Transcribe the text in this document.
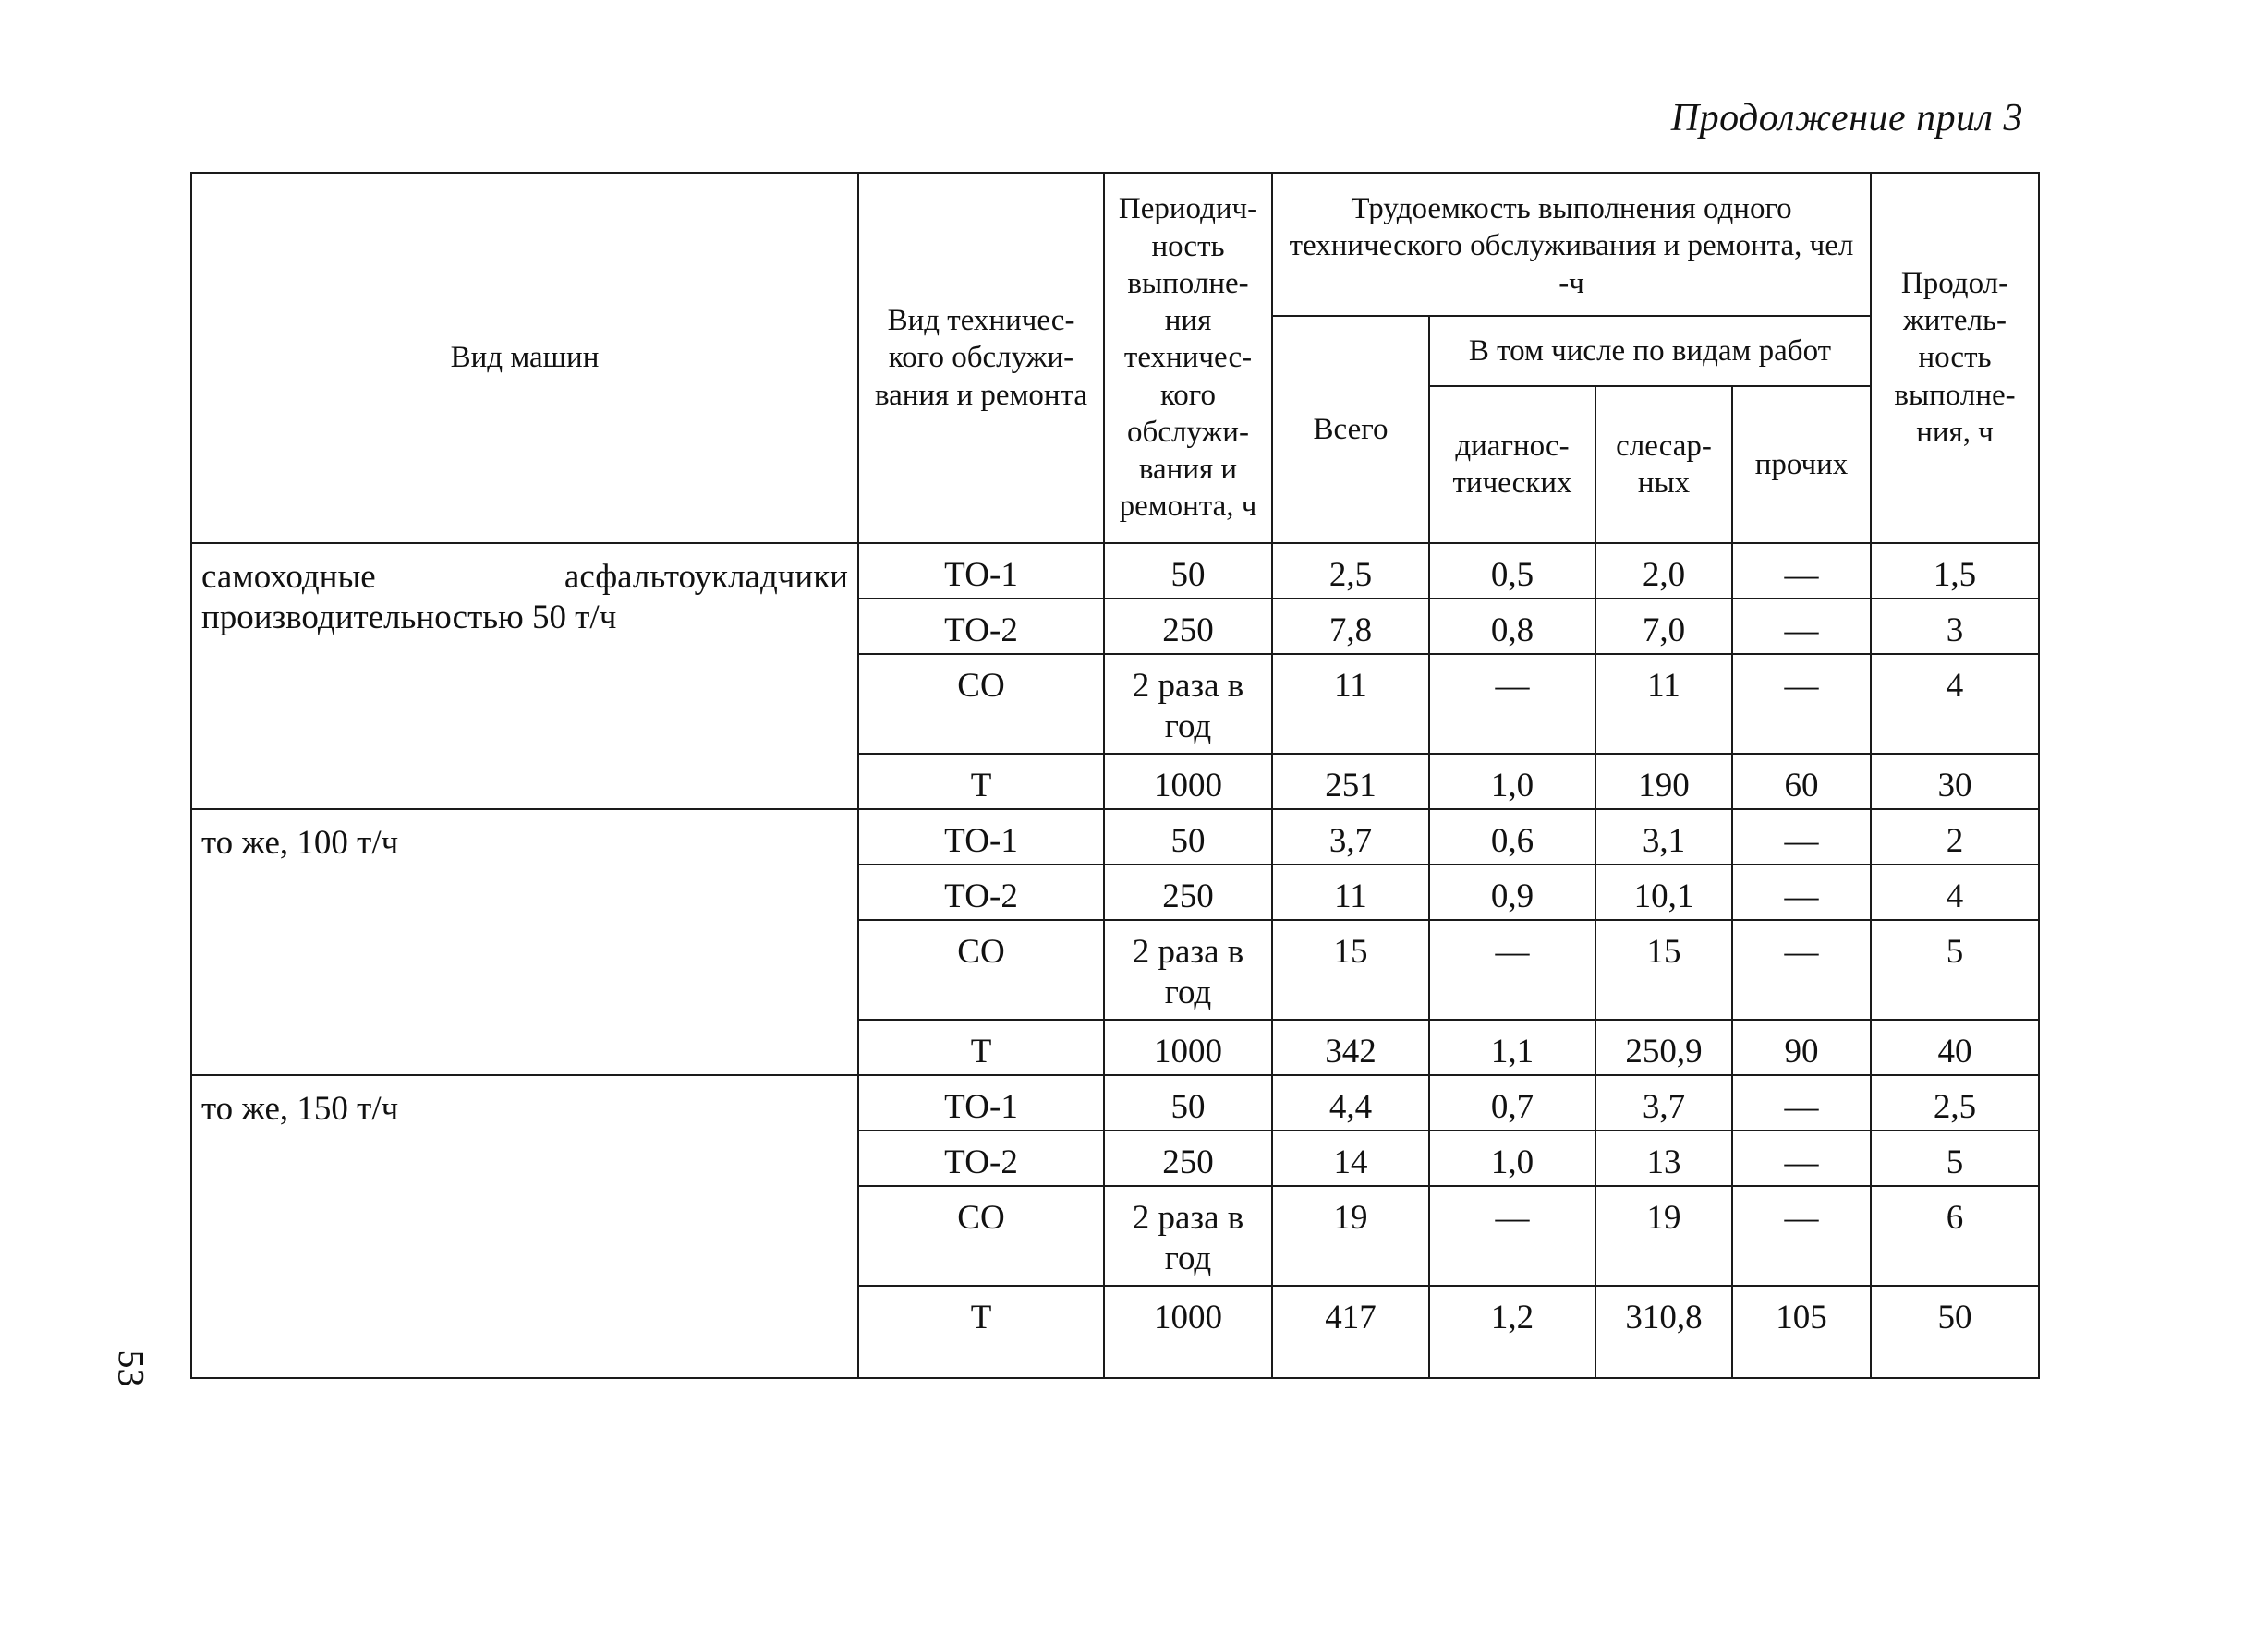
Продолжение прил 3
53
Вид машин	Вид техничес-кого обслужи-вания и ремонта	Периодич-ность выполне-ния техничес-кого обслужи-вания и ремонта, ч	Трудоемкость выполнения одного технического обслуживания и ремонта, чел -ч				Продол-житель-ность выполне-ния, ч
			Всего	В том числе по видам работ			
				диагнос-тических	слесар-ных	прочих	
самоходные асфальтоукладчики производительностью 50 т/ч	ТО-1	50	2,5	0,5	2,0	—	1,5
	ТО-2	250	7,8	0,8	7,0	—	3
	СО	2 раза в год	11	—	11	—	4
	Т	1000	251	1,0	190	60	30
то же, 100 т/ч	ТО-1	50	3,7	0,6	3,1	—	2
	ТО-2	250	11	0,9	10,1	—	4
	СО	2 раза в год	15	—	15	—	5
	Т	1000	342	1,1	250,9	90	40
то же, 150 т/ч	ТО-1	50	4,4	0,7	3,7	—	2,5
	ТО-2	250	14	1,0	13	—	5
	СО	2 раза в год	19	—	19	—	6
	Т	1000	417	1,2	310,8	105	50
